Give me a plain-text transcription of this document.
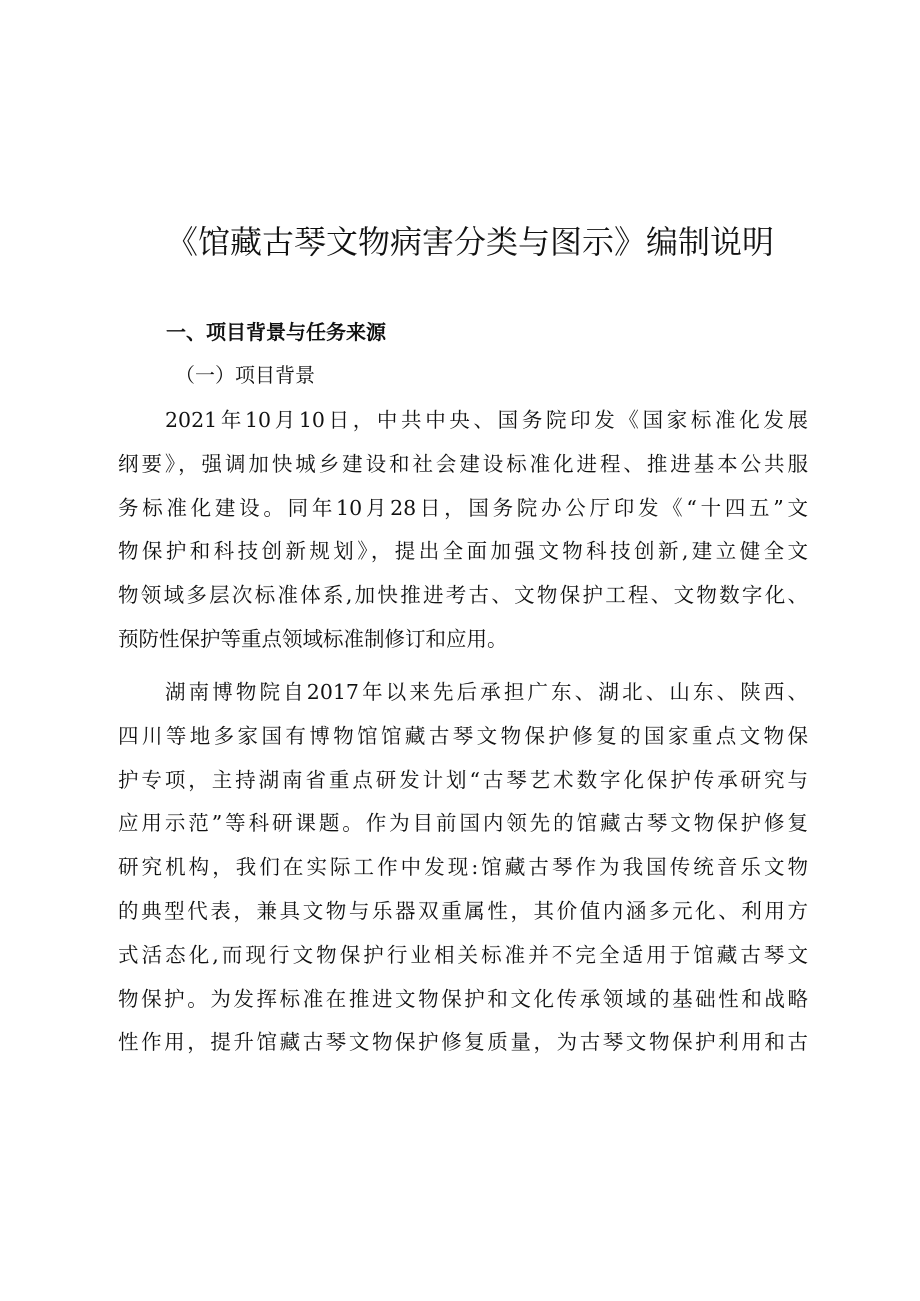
《馆藏古琴文物病害分类与图示》编制说明
一、项目背景与任务来源
（一）项目背景
2021年10月10日，中共中央、国务院印发《国家标准化发展
纲要》，强调加快城乡建设和社会建设标准化进程、推进基本公共服
务标准化建设。同年10月28日，国务院办公厅印发《“十四五”文
物保护和科技创新规划》，提出全面加强文物科技创新,建立健全文
物领域多层次标准体系,加快推进考古、文物保护工程、文物数字化、
预防性保护等重点领域标准制修订和应用。
湖南博物院自2017年以来先后承担广东、湖北、山东、陕西、
四川等地多家国有博物馆馆藏古琴文物保护修复的国家重点文物保
护专项，主持湖南省重点研发计划“古琴艺术数字化保护传承研究与
应用示范”等科研课题。作为目前国内领先的馆藏古琴文物保护修复
研究机构，我们在实际工作中发现:馆藏古琴作为我国传统音乐文物
的典型代表，兼具文物与乐器双重属性，其价值内涵多元化、利用方
式活态化,而现行文物保护行业相关标准并不完全适用于馆藏古琴文
物保护。为发挥标准在推进文物保护和文化传承领域的基础性和战略
性作用，提升馆藏古琴文物保护修复质量，为古琴文物保护利用和古
